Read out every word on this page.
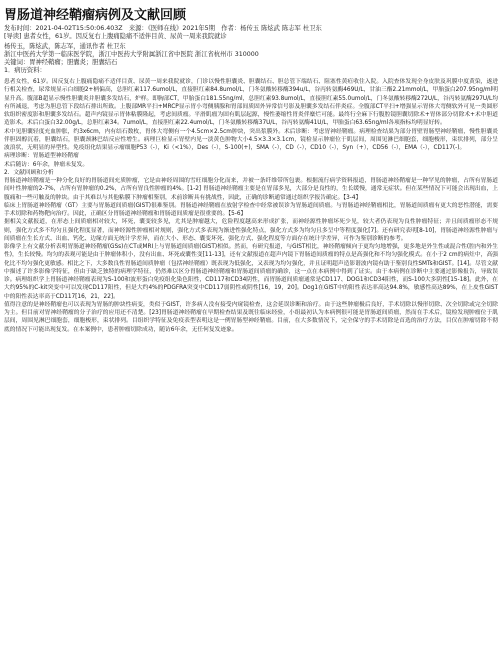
胃肠道神经鞘瘤病例及文献回顾
发布时间：2021-04-02T15:50:06.403Z　来源：《医师在线》2021年5期　作者：杨传玉 陈炫武 陈志军 杜卫东
[导读] 患者女性，61岁。因反复右上腹痛隐痛不适伴目黄、尿黄一周来我院就诊
杨传玉，陈炫武，陈志军，通讯作者 杜卫东
浙江中医药大学第一临床医学院，浙江中医药大学附属浙江省中医院 浙江省杭州市 310000
关键词：胃神经鞘瘤；胆囊炎；胆囊结石
1．病历资料：

患者女性，61岁。因反复右上腹痛隐痛不适伴目黄、尿黄一周来我院就诊，门诊以慢性胆囊炎、胆囊结石、胆总管下端结石、阻塞性黄疸收住入院。入院查体发现全身皮肤及巩膜中度黄染，遂进行相关检查，尿常规显示白细胞2+柄偏高，总胆红素117.6umol/L，直接胆红素84.8umol/L，门冬氨酸转移酶394u/L，谷丙转氨酶469U/L，甘油三酯2.21mmol/L，甲胎蛋白207.95ng/ml明显升高。腹部B超显示慢性胆囊炎并胆囊多发结石，炉样。即胸部CT，甲胎蛋白181.55ng/ml，总胆红素93.8umol/L，直接胆红素55.0umol/L，门冬氨酸转移酶272U/L，谷丙转氨酶297U/L均有所减退，考虑为胆总管下段结石排出所致。上腹部MR平扫+MRCP显示胃小弯侧胰腺和胃部间质固外异常信号影及胆囊多发结石伴炎症。全腹部CT平扫+增强显示胃体大弯侧软外可见一类圆形软组织密度影和胆囊多发结石。超声内镜显示胃体粘膜隆起，考虑间质瘤。平滑肌瘤为固有肌层起源，慢性萎缩性胃炎伴糜烂可能。最终行全麻下行腹腔镜胆囊切除术+胃体部分切除术+术中胆道造影术。术后白蛋白32.00g/L，总胆红素34。7umol/L，直接胆红素22.4umol/L，门冬氨酸转移酶37U/L，谷丙转氨酶41U/L，甲胎蛋白63.65ng/ml各项指标均明显好转。

术中见胆囊轻度充血肿胀，约3x6cm，内有结石数枚，胃体大弯侧有一个4.5cm×2.5cm肿块，突出浆膜外。术后诊断：考虑胃神经鞘瘤。病理检查结果为部分胃壁胃肠型神经鞘瘤，慢性胆囊炎伴胆固醇沉着，胆囊结石，胆囊颈淋巴结反应性增生。病理巨检显示胃壁内见一淡黄色肿物大小4.5×3.3×3.1cm，镜检显示肿瘤位于肌层间，周围见淋巴细胞套，细胞梭形，束状排列，部分呈波浪状，无明显的异型性。免疫组化结果显示瘤细胞P53（-），Ki（<1%），Des（-），S-100(+)，SMA（-），CD（-），CD10（-），Syn（+），CD56（-），EMA（-），CD117(-)。

病理诊断：胃肠道型神经鞘瘤

术后随访：6年余，肿瘤未复发。

2．文献回顾和分析

胃肠道神经鞘瘤是一种分化良好的胃肠道间充质肿瘤，它是由神经周围的雪旺细胞分化而来，并被一条纤维带所包裹。根据流行病学资料报道，胃肠道神经鞘瘤是一种罕见的肿瘤，占所有胃肠道间叶性肿瘤的2-7%，占所有胃肿瘤的0.2%，占所有胃良性肿瘤的4%。[1-2] 胃肠道神经鞘瘤主要是在胃部多见，大部分是良性的，生长缓慢，通常无症状。但在某些情况下可能会出现出血，上腹痛和一些可触及的肿块。由于其难以与其他粘膜下肿瘤相鉴别，术前诊断具有挑战性，因此，正确的诊断通常通过组织学报告确定。【3-4】

临床上胃肠道神经鞘瘤（GT）主要与胃肠道间质瘤(GIST)很难鉴别。胃肠道神经鞘瘤在放射学检查中经常被误诊为胃肠道间质瘤。与胃肠道神经鞘瘤相比，胃肠道间质瘤有更大的恶性潜能，需要手术切除和药物靶向治疗。因此，正确区分胃肠道神经鞘瘤和胃肠道间质瘤是很重要的。【5-6】

据相关文献报道，在形态上间质瘤相对较大，坏死，囊变较多见，尤其是肿瘤越大，危险程度越高来形成扩张，而神经源性肿瘤坏死少见，较大者仍表现为良性肿瘤特征；并且间质瘤形态不规则，强化方式多不均匀且强化程度显著，而神经源性肿瘤相对规则，强化方式多表现为渐进性强化特点，强化方式多为均匀且多呈中等程度强化[7]。还有研究表明[8-10]，胃肠道神经源性肿瘤与间质瘤在生长方式、出血、钙化、边缘方面无统计学差异，而在大小、形态、囊变坏死、强化方式、强化程度等方面存在统计学差异，可作为鉴别诊断的参考。

影像学上有文献分析表明胃肠道神经鞘瘤(GSs)在CT或MRI上与胃肠道间质瘤(GIST)相似。然而，有研究报道，与GIST相比，神经鞘瘤倾向于更均匀地增强，更多地是外生性或混合性(腔内和外生性)，生长较慢。均匀的表观可能是由于肿瘤体积小，没有出血、坏死或囊性变[11-13]，还有文献报道在超声内镜下胃肠道间质瘤的特点是高强化和不均匀强化模式。在小于2 cm的病灶中，高强化比不均匀强化更敏感。相比之下，大多数良性胃肠道间质肿瘤（包括神经鞘瘤）既表现为低强化，又表现为均匀强化，并且证明超声造影谐波内镜有助于鉴别良性SMTs和GIST。[14]。尽管文献中描述了许多影像学特征，但由于缺乏独特的病理学特征，仍然难以区分胃肠道神经鞘瘤和胃肠道间质瘤的确诊，这一点在本病例中得到了证实。由于本病例在诊断中主要通过影像报告，导致误诊。病理组织学上胃肠道神经鞘瘤表现为S-100和波形蛋白免疫组化染色阳性，CD117和CD34阴性，而胃肠道间质瘤通常是CD117、DOG1和CD34阳性，而S-100大多阴性[15-18]。此外，在大约95%的C-kit突变中可以发现CD117阳性，但是大约4%的PDGFRA突变中CD117弱阴性或阴性[16，19，20]。Dog1在GIST中的阳性表达率高达94.8%，敏感性高达89%，在上皮性GIST中的阳性表达率高于CD117[16，21，22]。

值得注意的是神经鞘瘤也可以表现为胃肠的肿块性病变，类似于GIST，许多病人没有接受内窥镜检查，这会延误诊断和治疗。由于这些肿瘤极后良好，手术切除以慢形切除、次全切除或完全切除为主。但目前对胃神经鞘瘤的分子治疗的应用还不清楚。[23]胃肠道神经鞘瘤在早期检查结果及既往临床经验，小组最初认为本病例很可能是胃肠道间质瘤，然而在手术后，镜检发现肿瘤位于肌层间，周围见淋巴细胞套，细胞梭形，束状排列。目组织学特征及免疫表型表明这是一例胃肠型神经鞘瘤。目前，在大多数情况下，完全保守的手术切除是首选的治疗方法，目仅在肿瘤切除不彻底的情况下可能出现复发。在本案例中，患者肿瘤切除成功，随访6年余，无任何复发迹象。
